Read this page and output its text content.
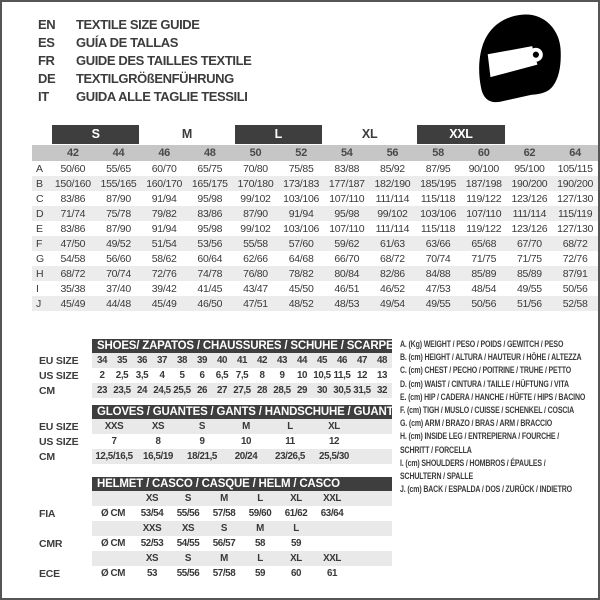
EN	TEXTILE SIZE GUIDE
ES	GUÍA DE TALLAS
FR	GUIDE DES TAILLES TEXTILE
DE	TEXTILGRÖßENFÜHRUNG
IT	GUIDA ALLE TAGLIE TESSILI

	S		M		L		XL		XXL			

	42	44	46	48	50	52	54	56	58	60	62	64
A	50/60	55/65	60/70	65/75	70/80	75/85	83/88	85/92	87/95	90/100	95/100	105/115
B	150/160	155/165	160/170	165/175	170/180	173/183	177/187	182/190	185/195	187/198	190/200	190/200
C	83/86	87/90	91/94	95/98	99/102	103/106	107/110	111/114	115/118	119/122	123/126	127/130
D	71/74	75/78	79/82	83/86	87/90	91/94	95/98	99/102	103/106	107/110	111/114	115/119
E	83/86	87/90	91/94	95/98	99/102	103/106	107/110	111/114	115/118	119/122	123/126	127/130
F	47/50	49/52	51/54	53/56	55/58	57/60	59/62	61/63	63/66	65/68	67/70	68/72
G	54/58	56/60	58/62	60/64	62/66	64/68	66/70	68/72	70/74	71/75	71/75	72/76
H	68/72	70/74	72/76	74/78	76/80	78/82	80/84	82/86	84/88	85/89	85/89	87/91
I	35/38	37/40	39/42	41/45	43/47	45/50	46/51	46/52	47/53	48/54	49/55	50/56
J	45/49	44/48	45/49	46/50	47/51	48/52	48/53	49/54	49/55	50/56	51/56	52/58
SHOES/ ZAPATOS / CHAUSSURES / SCHUHE / SCARPE
EU SIZE	34	35	36	37	38	39	40	41	42	43	44	45	46	47	48
US SIZE	2	2,5	3,5	4	5	6	6,5	7,5	8	9	10	10,5	11,5	12	13
CM	23	23,5	24	24,5	25,5	26	27	27,5	28	28,5	29	30	30,5	31,5	32
GLOVES / GUANTES / GANTS / HANDSCHUHE / GUANTI
EU SIZE	XXS	XS	S	M	L	XL	
US SIZE	7	8	9	10	11	12	
CM	12,5/16,5	16,5/19	18/21,5	20/24	23/26,5	25,5/30	
HELMET / CASCO / CASQUE / HELM / CASCO
		XS	S	M	L	XL	XXL	
FIA	Ø CM	53/54	55/56	57/58	59/60	61/62	63/64	
		XXS	XS	S	M	L		
CMR	Ø CM	52/53	54/55	56/57	58	59		
		XS	S	M	L	XL	XXL	
ECE	Ø CM	53	55/56	57/58	59	60	61	
A. (Kg) WEIGHT / PESO / POIDS / GEWITCH / PESO
B. (cm) HEIGHT / ALTURA / HAUTEUR / HÖHE / ALTEZZA
C. (cm) CHEST / PECHO / POITRINE / TRUHE / PETTO
D. (cm) WAIST / CINTURA / TAILLE / HÜFTUNG / VITA
E. (cm) HIP / CADERA / HANCHE / HÜFTE / HIPS / BACINO
F. (cm) TIGH / MUSLO / CUISSE / SCHENKEL / COSCIA
G. (cm) ARM / BRAZO / BRAS / ARM / BRACCIO
H. (cm) INSIDE LEG / ENTREPIERNA / FOURCHE /
SCHRITT / FORCELLA
I. (cm) SHOULDERS / HOMBROS / ÉPAULES /
SCHULTERN / SPALLE
J. (cm) BACK / ESPALDA / DOS / ZURÜCK / INDIETRO
